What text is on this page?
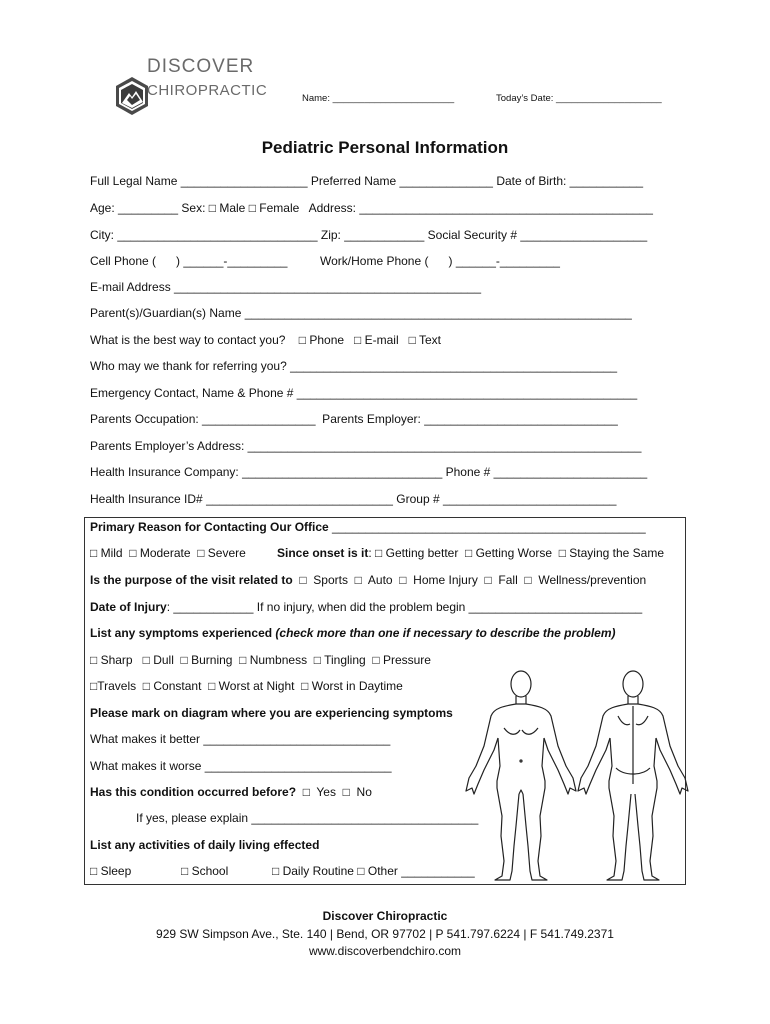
DISCOVER
CHIROPRACTIC	Name: _______________________	Today’s Date: ____________________
Pediatric Personal Information
Full Legal Name ___________________ Preferred Name ______________ Date of Birth: ___________
Age: _________ Sex: □ Male □ Female   Address: ____________________________________________
City: ______________________________ Zip: ____________ Social Security # ___________________
Cell Phone (      ) ______-_________	Work/Home Phone (      ) ______-_________
E-mail Address ______________________________________________
Parent(s)/Guardian(s) Name __________________________________________________________
What is the best way to contact you?    □ Phone   □ E-mail   □ Text
Who may we thank for referring you? _________________________________________________
Emergency Contact, Name & Phone # ___________________________________________________
Parents Occupation: _________________  Parents Employer: _____________________________
Parents Employer’s Address: ___________________________________________________________
Health Insurance Company: ______________________________ Phone # _______________________
Health Insurance ID# ____________________________ Group # __________________________
Primary Reason for Contacting Our Office _______________________________________________
□ Mild  □ Moderate  □ Severe	Since onset is it: □ Getting better  □ Getting Worse  □ Staying the Same
Is the purpose of the visit related to  □  Sports  □  Auto  □  Home Injury  □  Fall  □  Wellness/prevention
Date of Injury: ____________ If no injury, when did the problem begin __________________________
List any symptoms experienced (check more than one if necessary to describe the problem)
□ Sharp   □ Dull  □ Burning  □ Numbness  □ Tingling  □ Pressure
□Travels  □ Constant  □ Worst at Night  □ Worst in Daytime
Please mark on diagram where you are experiencing symptoms
What makes it better ____________________________
What makes it worse ____________________________
Has this condition occurred before?  □  Yes  □  No
If yes, please explain __________________________________
List any activities of daily living effected
□ Sleep	□ School	□ Daily Routine □ Other ___________

Discover Chiropractic
929 SW Simpson Ave., Ste. 140 | Bend, OR 97702 | P 541.797.6224 | F 541.749.2371
www.discoverbendchiro.com
